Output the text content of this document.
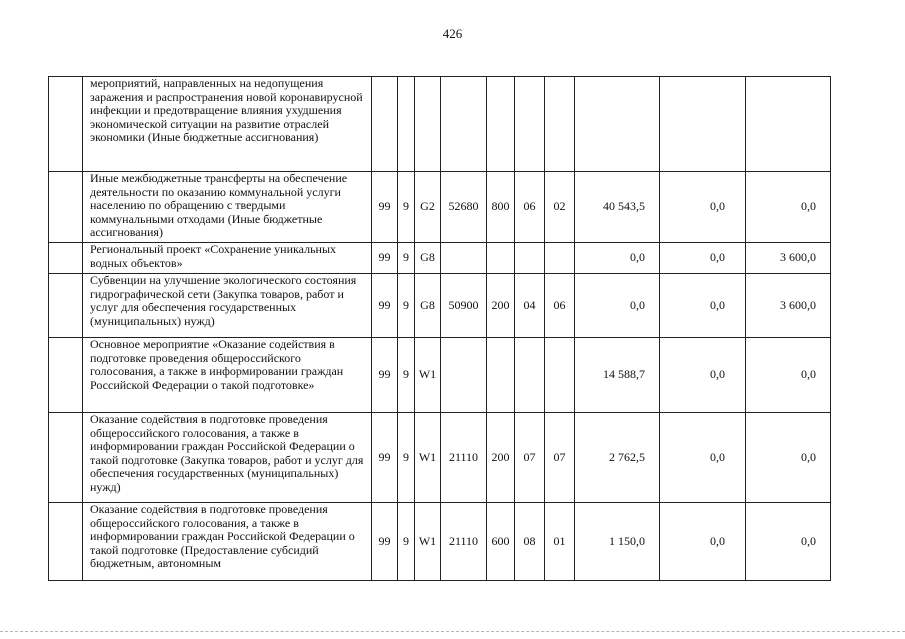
426
	мероприятий, направленных на недопущения заражения и распространения новой коронавирусной инфекции и предотвращение влияния ухудшения экономической ситуации на развитие отраслей экономики (Иные бюджетные ассигнования)										
	Иные межбюджетные трансферты на обеспечение деятельности по оказанию коммунальной услуги населению по обращению с твердыми коммунальными отходами (Иные бюджетные ассигнования)	99	9	G2	52680	800	06	02	40 543,5	0,0	0,0
	Региональный проект «Сохранение уникальных водных объектов»	99	9	G8					0,0	0,0	3 600,0
	Субвенции на улучшение экологического состояния гидрографической сети (Закупка товаров, работ и услуг для обеспечения государственных (муниципальных) нужд)	99	9	G8	50900	200	04	06	0,0	0,0	3 600,0
	Основное мероприятие «Оказание содействия в подготовке проведения общероссийского голосования, а также в информировании граждан Российской Федерации о такой подготовке»	99	9	W1					14 588,7	0,0	0,0
	Оказание содействия в подготовке проведения общероссийского голосования, а также в информировании граждан Российской Федерации о такой подготовке (Закупка товаров, работ и услуг для обеспечения государственных (муниципальных) нужд)	99	9	W1	21110	200	07	07	2 762,5	0,0	0,0
	Оказание содействия в подготовке проведения общероссийского голосования, а также в информировании граждан Российской Федерации о такой подготовке (Предоставление субсидий бюджетным, автономным	99	9	W1	21110	600	08	01	1 150,0	0,0	0,0
